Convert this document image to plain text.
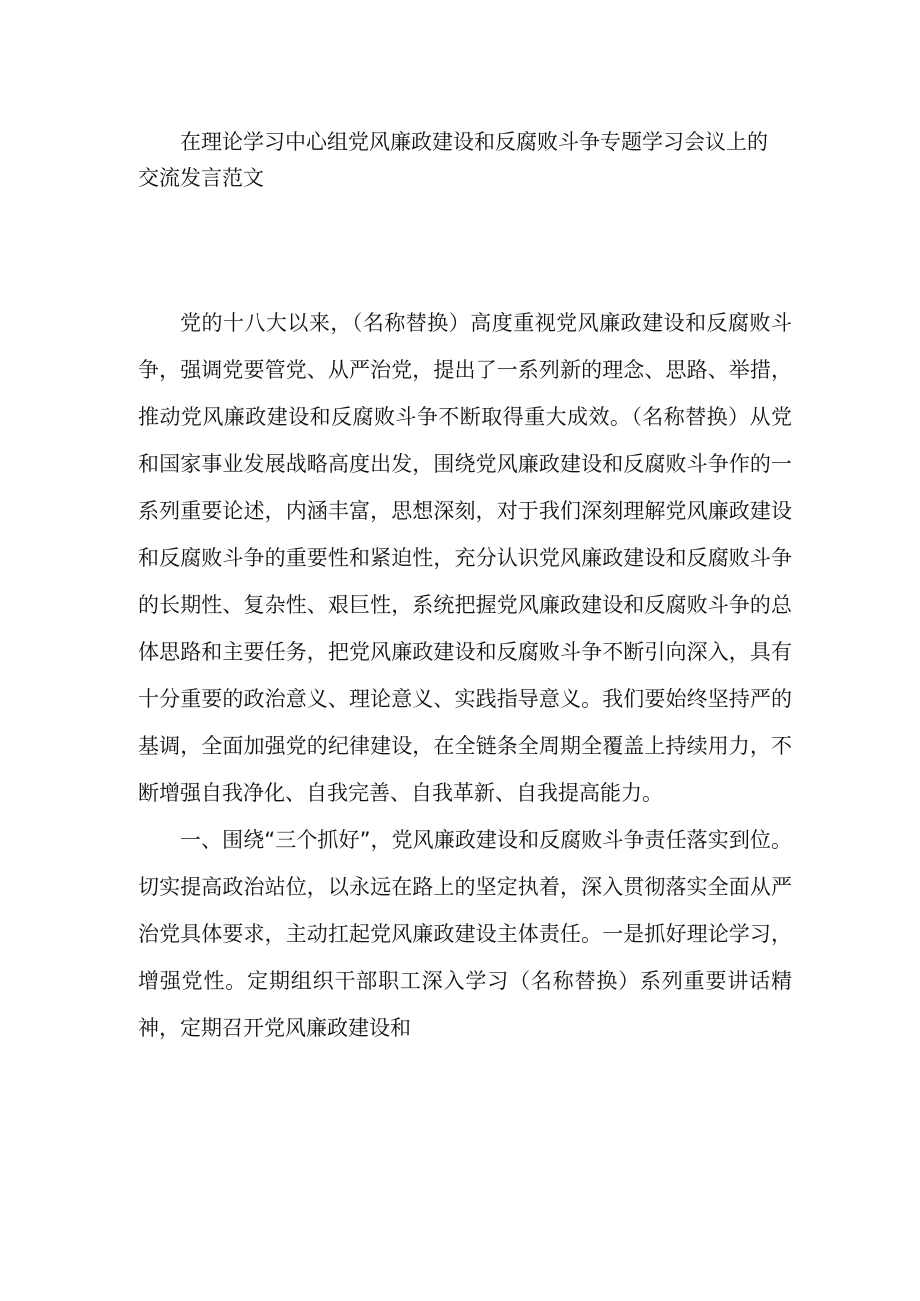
在理论学习中心组党风廉政建设和反腐败斗争专题学习会议上的
交流发言范文

党的十八大以来，（名称替换）高度重视党风廉政建设和反腐败斗争，强调党要管党、从严治党，提出了一系列新的理念、思路、举措，推动党风廉政建设和反腐败斗争不断取得重大成效。（名称替换）从党和国家事业发展战略高度出发，围绕党风廉政建设和反腐败斗争作的一系列重要论述，内涵丰富，思想深刻，对于我们深刻理解党风廉政建设和反腐败斗争的重要性和紧迫性，充分认识党风廉政建设和反腐败斗争的长期性、复杂性、艰巨性，系统把握党风廉政建设和反腐败斗争的总体思路和主要任务，把党风廉政建设和反腐败斗争不断引向深入，具有十分重要的政治意义、理论意义、实践指导意义。我们要始终坚持严的基调，全面加强党的纪律建设，在全链条全周期全覆盖上持续用力，不断增强自我净化、自我完善、自我革新、自我提高能力。

一、围绕“三个抓好”，党风廉政建设和反腐败斗争责任落实到位。切实提高政治站位，以永远在路上的坚定执着，深入贯彻落实全面从严治党具体要求，主动扛起党风廉政建设主体责任。一是抓好理论学习，增强党性。定期组织干部职工深入学习（名称替换）系列重要讲话精神，定期召开党风廉政建设和
